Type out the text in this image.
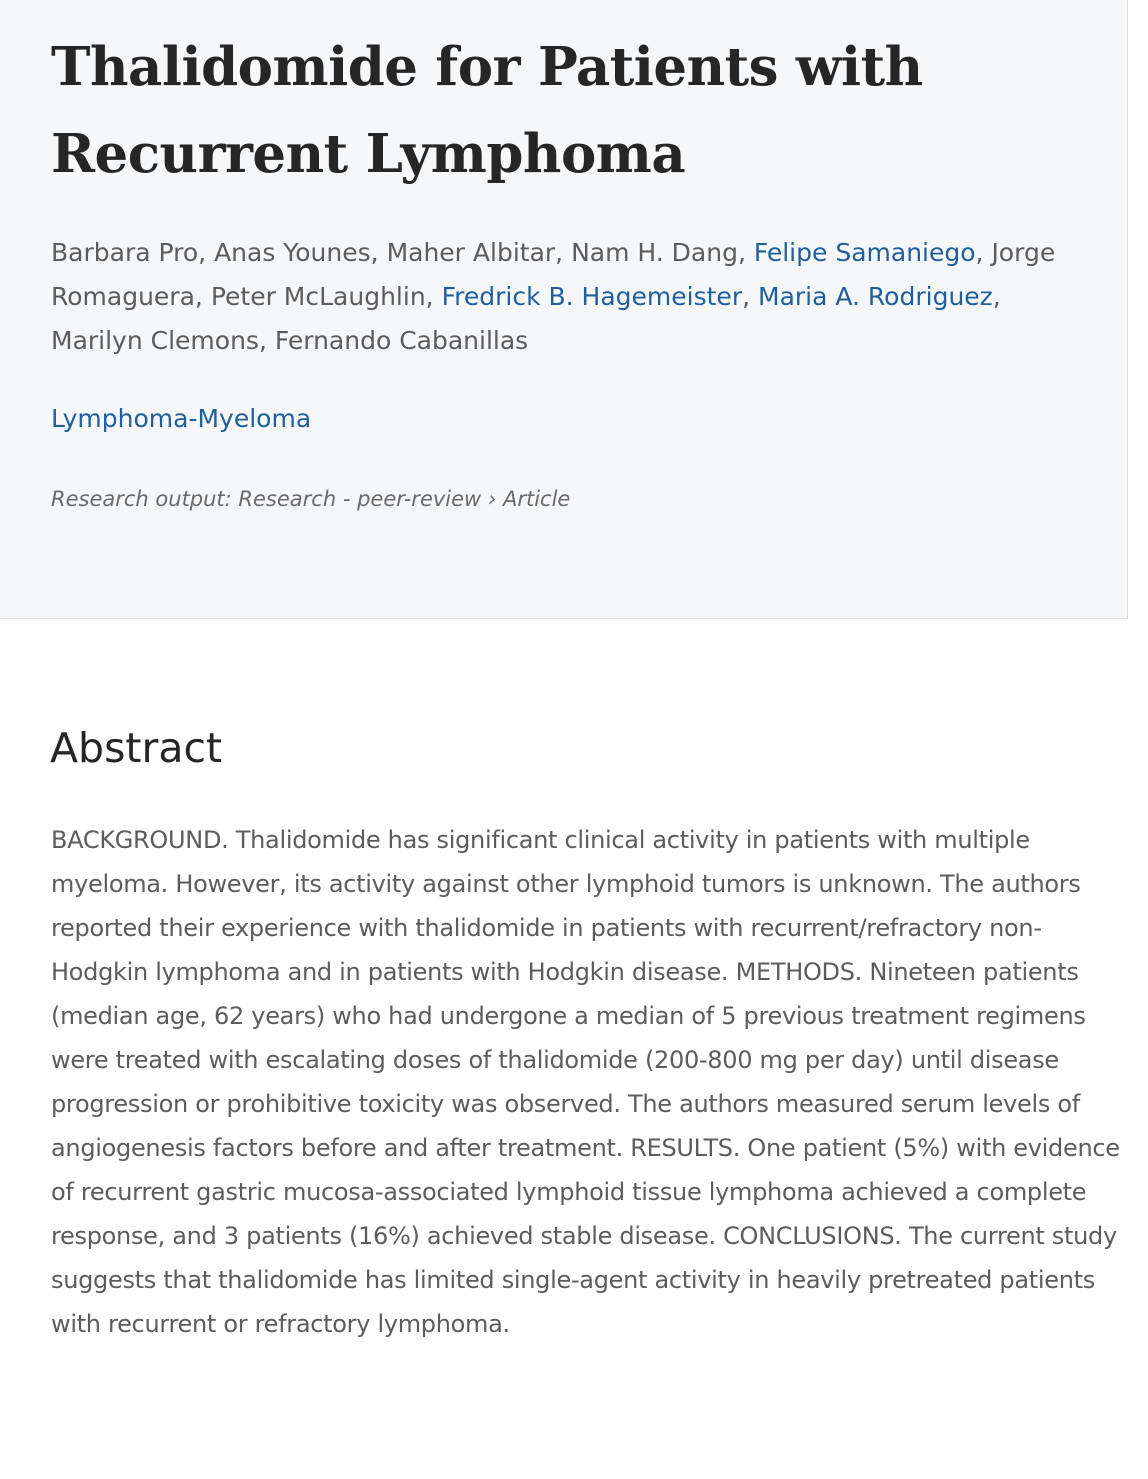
Thalidomide for Patients with Recurrent Lymphoma
Barbara Pro, Anas Younes, Maher Albitar, Nam H. Dang, Felipe Samaniego, Jorge Romaguera, Peter McLaughlin, Fredrick B. Hagemeister, Maria A. Rodriguez, Marilyn Clemons, Fernando Cabanillas
Lymphoma-Myeloma
Research output: Research - peer-review › Article
Abstract

BACKGROUND. Thalidomide has significant clinical activity in patients with multiple myeloma. However, its activity against other lymphoid tumors is unknown. The authors reported their experience with thalidomide in patients with recurrent/refractory non-Hodgkin lymphoma and in patients with Hodgkin disease. METHODS. Nineteen patients (median age, 62 years) who had undergone a median of 5 previous treatment regimens were treated with escalating doses of thalidomide (200-800 mg per day) until disease progression or prohibitive toxicity was observed. The authors measured serum levels of angiogenesis factors before and after treatment. RESULTS. One patient (5%) with evidence of recurrent gastric mucosa-associated lymphoid tissue lymphoma achieved a complete response, and 3 patients (16%) achieved stable disease. CONCLUSIONS. The current study suggests that thalidomide has limited single-agent activity in heavily pretreated patients with recurrent or refractory lymphoma.
